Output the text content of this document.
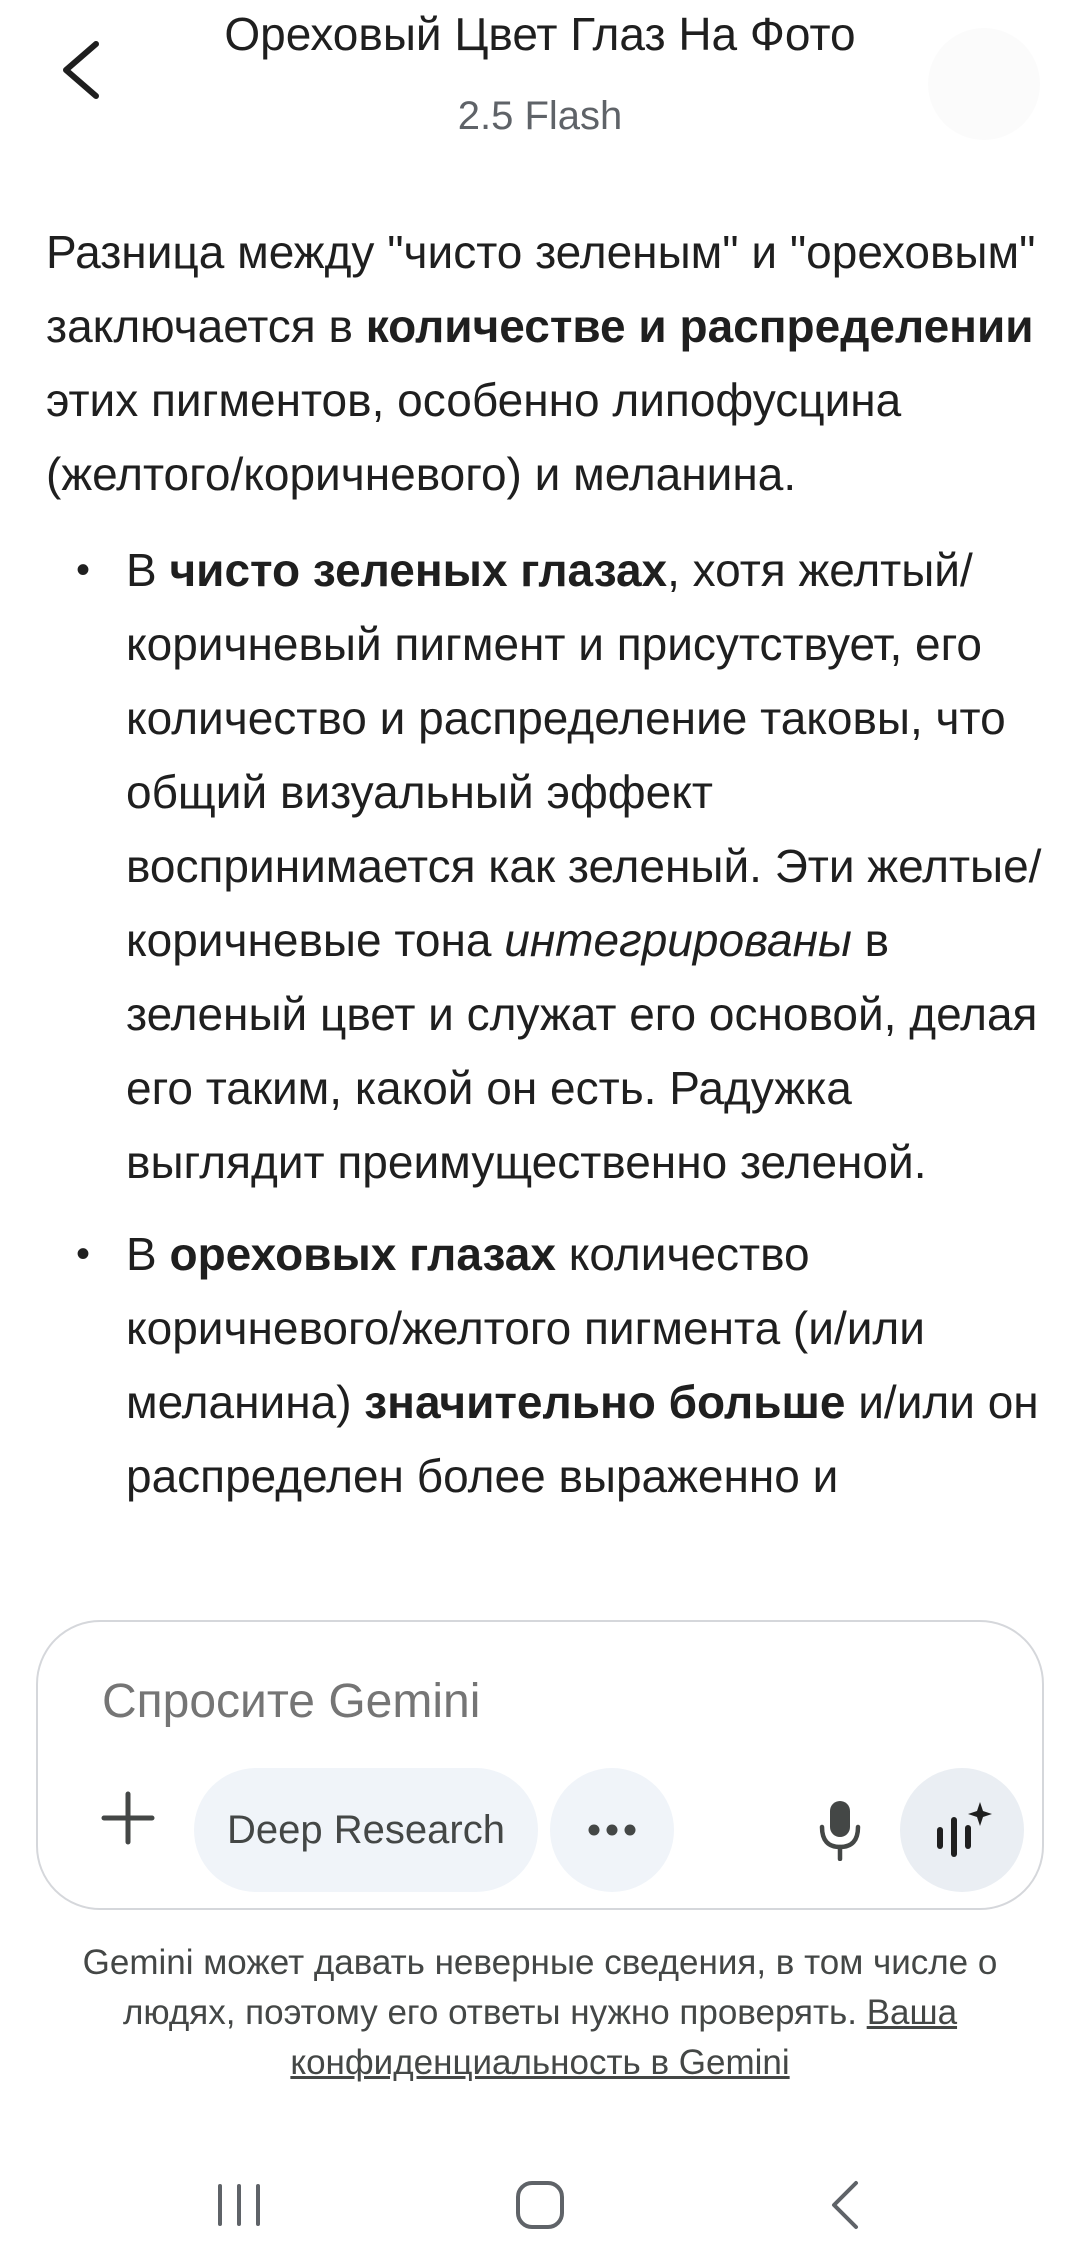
Ореховый Цвет Глаз На Фото
2.5 Flash

Разница между "чисто зеленым" и "ореховым" заключается в количестве и распределении этих пигментов, особенно липофусцина (желтого/коричневого) и меланина.

• В чисто зеленых глазах, хотя желтый/коричневый пигмент и присутствует, его количество и распределение таковы, что общий визуальный эффект воспринимается как зеленый. Эти желтые/коричневые тона интегрированы в зеленый цвет и служат его основой, делая его таким, какой он есть. Радужка выглядит преимущественно зеленой.
• В ореховых глазах количество коричневого/желтого пигмента (и/или меланина) значительно больше и/или он распределен более выраженно и
Спросите Gemini
Deep Research
Gemini может давать неверные сведения, в том числе о людях, поэтому его ответы нужно проверять. Ваша конфиденциальность в Gemini
